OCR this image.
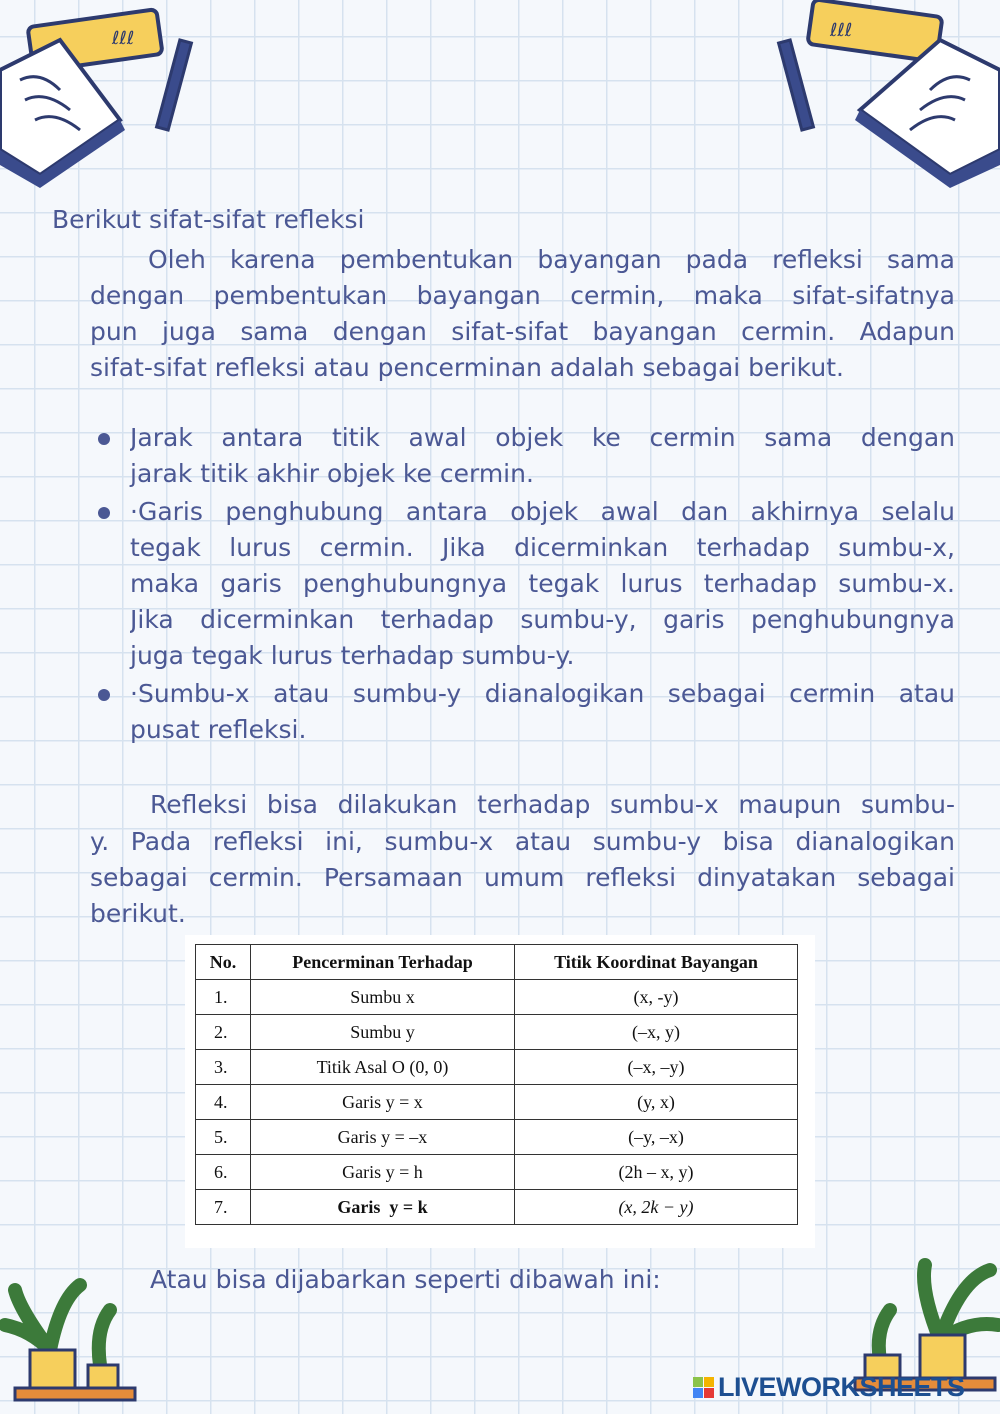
ℓℓℓ	ℓℓℓ
Berikut sifat-sifat refleksi
Oleh karena pembentukan bayangan pada refleksi sama
dengan pembentukan bayangan cermin, maka sifat-sifatnya
pun juga sama dengan sifat-sifat bayangan cermin. Adapun
sifat-sifat refleksi atau pencerminan adalah sebagai berikut.
Jarak antara titik awal objek ke cermin sama dengan
jarak titik akhir objek ke cermin.
·Garis penghubung antara objek awal dan akhirnya selalu
tegak lurus cermin. Jika dicerminkan terhadap sumbu-x,
maka garis penghubungnya tegak lurus terhadap sumbu-x.
Jika dicerminkan terhadap sumbu-y, garis penghubungnya
juga tegak lurus terhadap sumbu-y.
·Sumbu-x atau sumbu-y dianalogikan sebagai cermin atau
pusat refleksi.
Refleksi bisa dilakukan terhadap sumbu-x maupun sumbu-
y. Pada refleksi ini, sumbu-x atau sumbu-y bisa dianalogikan
sebagai cermin. Persamaan umum refleksi dinyatakan sebagai
berikut.
No.	Pencerminan Terhadap	Titik Koordinat Bayangan
1.	Sumbu x	(x, -y)
2.	Sumbu y	(–x, y)
3.	Titik Asal O (0, 0)	(–x, –y)
4.	Garis y = x	(y, x)
5.	Garis y = –x	(–y, –x)
6.	Garis y = h	(2h – x, y)
7.	Garis  y = k	(x, 2k − y)
Atau bisa dijabarkan seperti dibawah ini:
LIVEWORKSHEETS
